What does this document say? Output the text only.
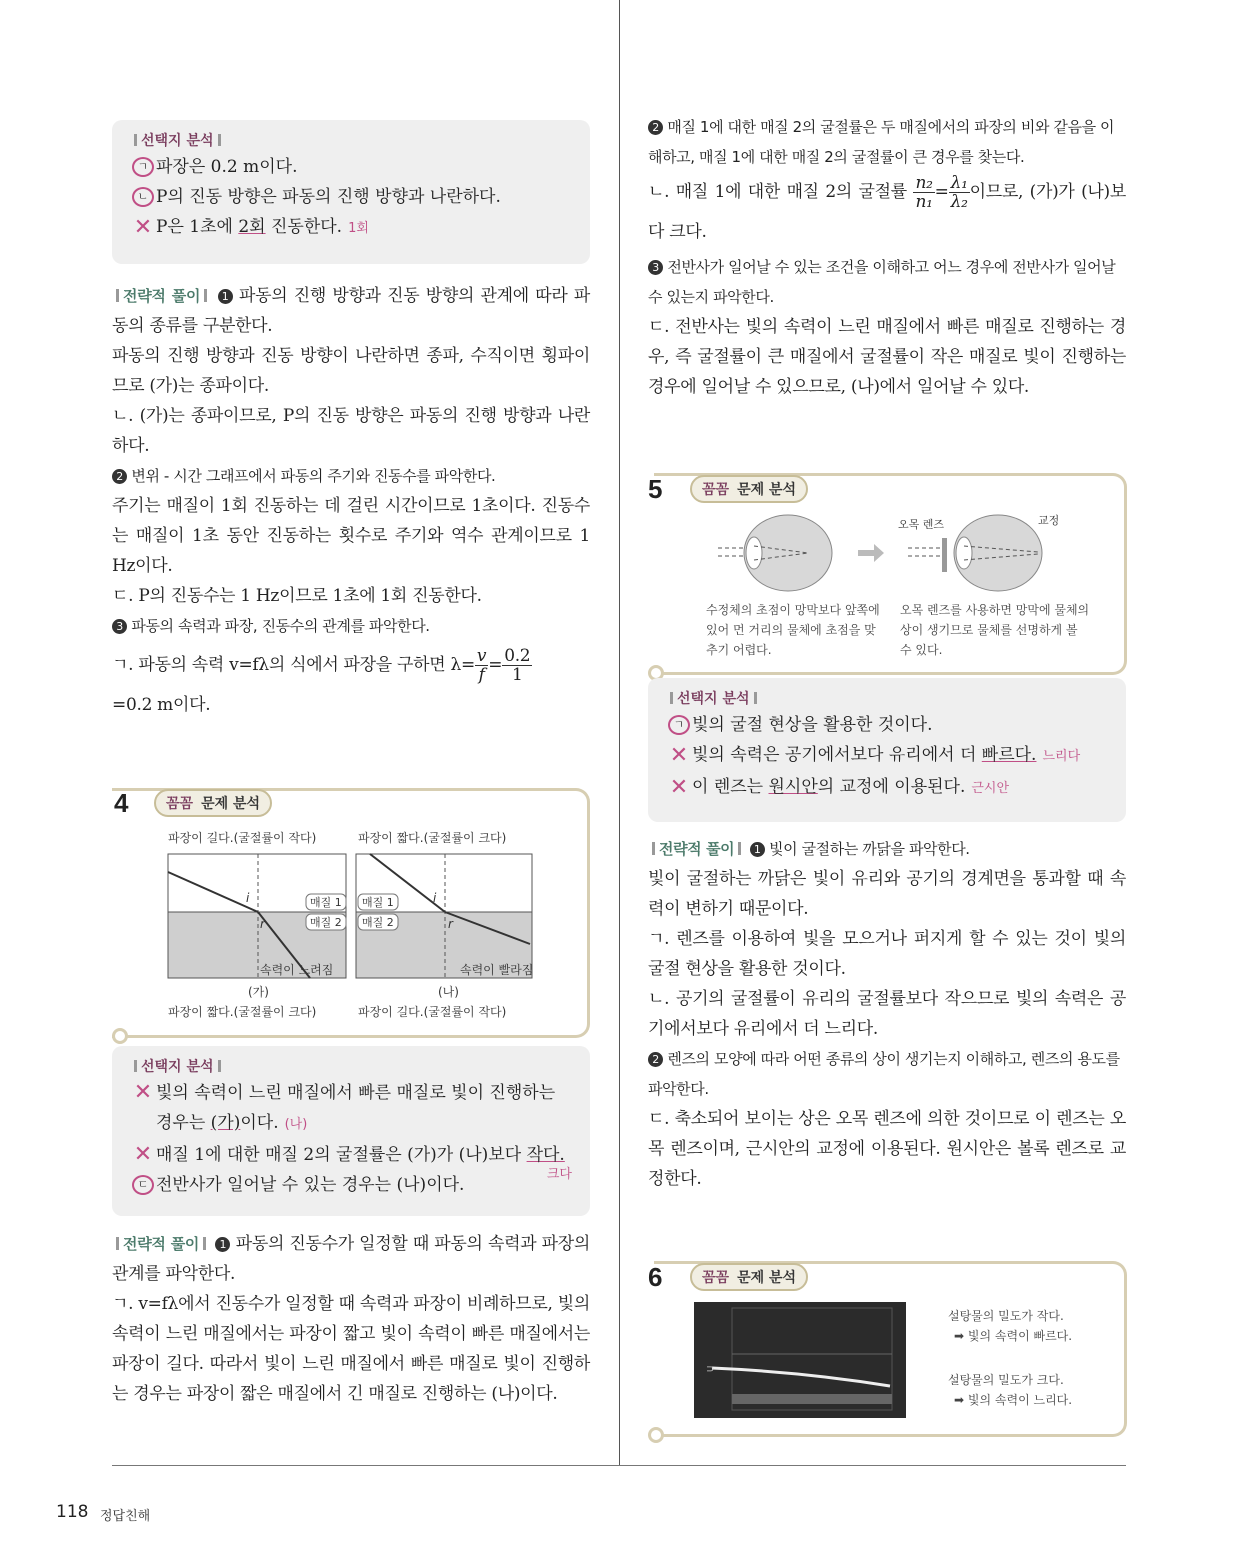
선택지 분석
ㄱ 파장은 0.2 m이다.
ㄴ P의 진동 방향은 파동의 진행 방향과 나란하다.
✕ P은 1초에 2회 진동한다. 1회

전략적 풀이 1 파동의 진행 방향과 진동 방향의 관계에 따라 파동의 종류를 구분한다.

파동의 진행 방향과 진동 방향이 나란하면 종파, 수직이면 횡파이므로 (가)는 종파이다.

ㄴ. (가)는 종파이므로, P의 진동 방향은 파동의 진행 방향과 나란하다.

2 변위 - 시간 그래프에서 파동의 주기와 진동수를 파악한다.

주기는 매질이 1회 진동하는 데 걸린 시간이므로 1초이다. 진동수는 매질이 1초 동안 진동하는 횟수로 주기와 역수 관계이므로 1 Hz이다.

ㄷ. P의 진동수는 1 Hz이므로 1초에 1회 진동한다.

3 파동의 속력과 파장, 진동수의 관계를 파악한다.

ㄱ. 파동의 속력 v=fλ의 식에서 파장을 구하면 $\lambda= \frac{v}{f} = \frac{0.2}{1}$

=0.2 m이다.

4	꼼꼼 문제 분석
파장이 길다.(굴절률이 작다)	파장이 짧다.(굴절률이 크다)
i
r
i
r
매질 1
매질 2
매질 1
매질 2
속력이 느려짐	속력이 빨라짐
(가)	(나)
파장이 짧다.(굴절률이 크다)	파장이 길다.(굴절률이 작다)
선택지 분석
✕ 빛의 속력이 느린 매질에서 빠른 매질로 빛이 진행하는 경우는 (가)이다. (나)
✕ 매질 1에 대한 매질 2의 굴절률은 (가)가 (나)보다 작다.
ㄷ 전반사가 일어날 수 있는 경우는 (나)이다.
크다

전략적 풀이 1 파동의 진동수가 일정할 때 파동의 속력과 파장의 관계를 파악한다.

ㄱ. v=fλ에서 진동수가 일정할 때 속력과 파장이 비례하므로, 빛의 속력이 느린 매질에서는 파장이 짧고 빛이 속력이 빠른 매질에서는 파장이 길다. 따라서 빛이 느린 매질에서 빠른 매질로 빛이 진행하는 경우는 파장이 짧은 매질에서 긴 매질로 진행하는 (나)이다.

2 매질 1에 대한 매질 2의 굴절률은 두 매질에서의 파장의 비와 같음을 이해하고, 매질 1에 대한 매질 2의 굴절률이 큰 경우를 찾는다.

ㄴ. 매질 1에 대한 매질 2의 굴절률 $\frac{\text{n₂}}{\text{n₁}} = \frac{\text{λ₁}}{\text{λ₂}}$ 이므로, (가)가 (나)보다 크다.

3 전반사가 일어날 수 있는 조건을 이해하고 어느 경우에 전반사가 일어날 수 있는지 파악한다.

ㄷ. 전반사는 빛의 속력이 느린 매질에서 빠른 매질로 진행하는 경우, 즉 굴절률이 큰 매질에서 굴절률이 작은 매질로 빛이 진행하는 경우에 일어날 수 있으므로, (나)에서 일어날 수 있다.

5	꼼꼼 문제 분석
오목 렌즈	교정
수정체의 초점이 망막보다 앞쪽에 있어 먼 거리의 물체에 초점을 맞추기 어렵다.
오목 렌즈를 사용하면 망막에 물체의 상이 생기므로 물체를 선명하게 볼 수 있다.
선택지 분석
ㄱ 빛의 굴절 현상을 활용한 것이다.
✕ 빛의 속력은 공기에서보다 유리에서 더 빠르다. 느리다
✕ 이 렌즈는 원시안의 교정에 이용된다. 근시안

전략적 풀이 1 빛이 굴절하는 까닭을 파악한다.

빛이 굴절하는 까닭은 빛이 유리와 공기의 경계면을 통과할 때 속력이 변하기 때문이다.

ㄱ. 렌즈를 이용하여 빛을 모으거나 퍼지게 할 수 있는 것이 빛의 굴절 현상을 활용한 것이다.

ㄴ. 공기의 굴절률이 유리의 굴절률보다 작으므로 빛의 속력은 공기에서보다 유리에서 더 느리다.

2 렌즈의 모양에 따라 어떤 종류의 상이 생기는지 이해하고, 렌즈의 용도를 파악한다.

ㄷ. 축소되어 보이는 상은 오목 렌즈에 의한 것이므로 이 렌즈는 오목 렌즈이며, 근시안의 교정에 이용된다. 원시안은 볼록 렌즈로 교정한다.

6	꼼꼼 문제 분석
⊃
설탕물의 밀도가 작다.
➡ 빛의 속력이 빠르다.
설탕물의 밀도가 크다.
➡ 빛의 속력이 느리다.
118 정답친해
